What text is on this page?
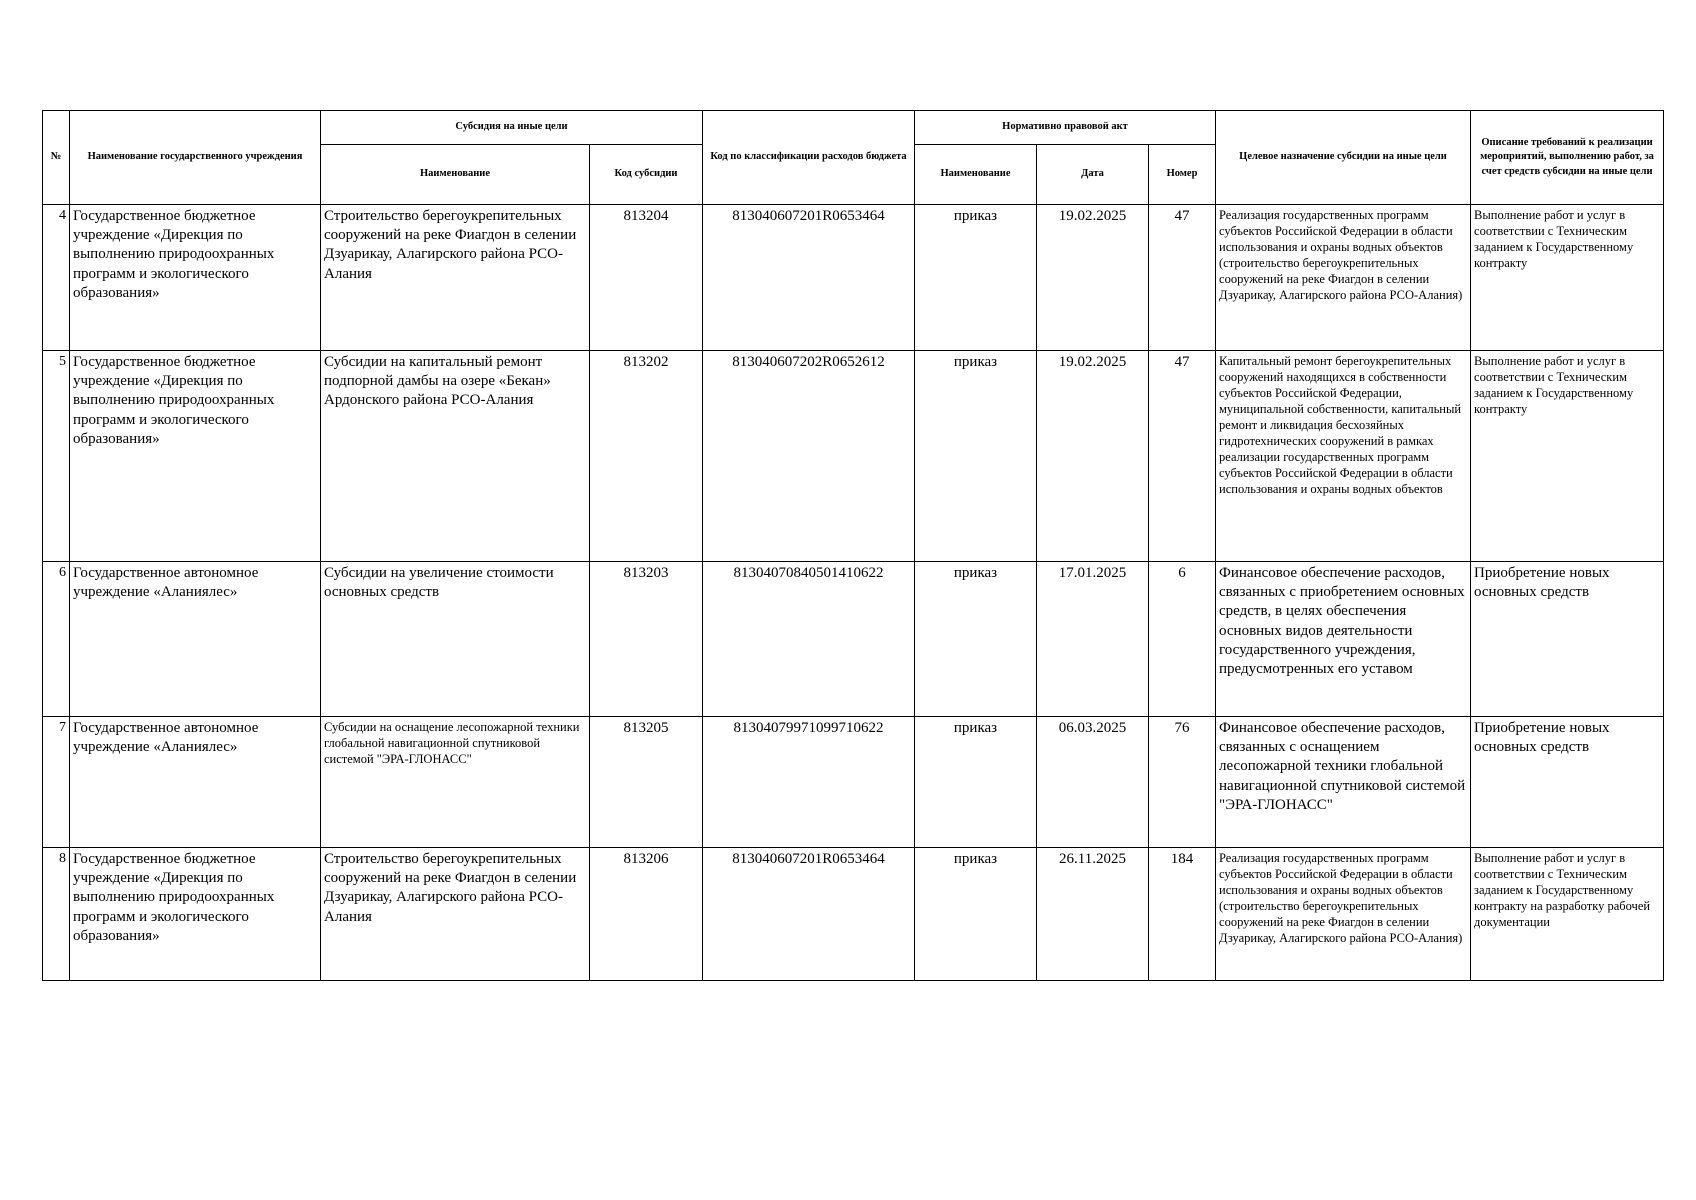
№	Наименование государственного учреждения	Субсидия на иные цели		Код по классификации расходов бюджета	Нормативно правовой акт			Целевое назначение субсидии на иные цели	Описание требований к реализации мероприятий, выполнению работ, за счет средств субсидии на иные цели
		Наименование	Код субсидии		Наименование	Дата	Номер		
4	Государственное бюджетное учреждение «Дирекция по выполнению природоохранных программ и экологического образования»	Строительство берегоукрепительных сооружений на реке Фиагдон в селении Дзуарикау, Алагирского района РСО-Алания	813204	813040607201R0653464	приказ	19.02.2025	47	Реализация государственных программ субъектов Российской Федерации в области использования и охраны водных объектов (строительство берегоукрепительных сооружений на реке Фиагдон в селении Дзуарикау, Алагирского района РСО-Алания)	Выполнение работ и услуг в соответствии с Техническим заданием к Государственному контракту
5	Государственное бюджетное учреждение «Дирекция по выполнению природоохранных программ и экологического образования»	Субсидии на капитальный ремонт подпорной дамбы на озере «Бекан» Ардонского района РСО-Алания	813202	813040607202R0652612	приказ	19.02.2025	47	Капитальный ремонт берегоукрепительных сооружений находящихся в собственности субъектов Российской Федерации, муниципальной собственности, капитальный ремонт и ликвидация бесхозяйных гидротехнических сооружений в рамках реализации государственных программ субъектов Российской Федерации в области использования и охраны водных объектов	Выполнение работ и услуг в соответствии с Техническим заданием к Государственному контракту
6	Государственное автономное учреждение «Аланиялес»	Субсидии на увеличение стоимости основных средств	813203	81304070840501410622	приказ	17.01.2025	6	Финансовое обеспечение расходов, связанных с приобретением основных средств, в целях обеспечения основных видов деятельности государственного учреждения, предусмотренных его уставом	Приобретение новых основных средств
7	Государственное автономное учреждение «Аланиялес»	Субсидии на оснащение лесопожарной техники глобальной навигационной спутниковой системой "ЭРА-ГЛОНАСС"	813205	81304079971099710622	приказ	06.03.2025	76	Финансовое обеспечение расходов, связанных с оснащением лесопожарной техники глобальной навигационной спутниковой системой "ЭРА-ГЛОНАСС"	Приобретение новых основных средств
8	Государственное бюджетное учреждение «Дирекция по выполнению природоохранных программ и экологического образования»	Строительство берегоукрепительных сооружений на реке Фиагдон в селении Дзуарикау, Алагирского района РСО-Алания	813206	813040607201R0653464	приказ	26.11.2025	184	Реализация государственных программ субъектов Российской Федерации в области использования и охраны водных объектов (строительство берегоукрепительных сооружений на реке Фиагдон в селении Дзуарикау, Алагирского района РСО-Алания)	Выполнение работ и услуг в соответствии с Техническим заданием к Государственному контракту на разработку рабочей документации
